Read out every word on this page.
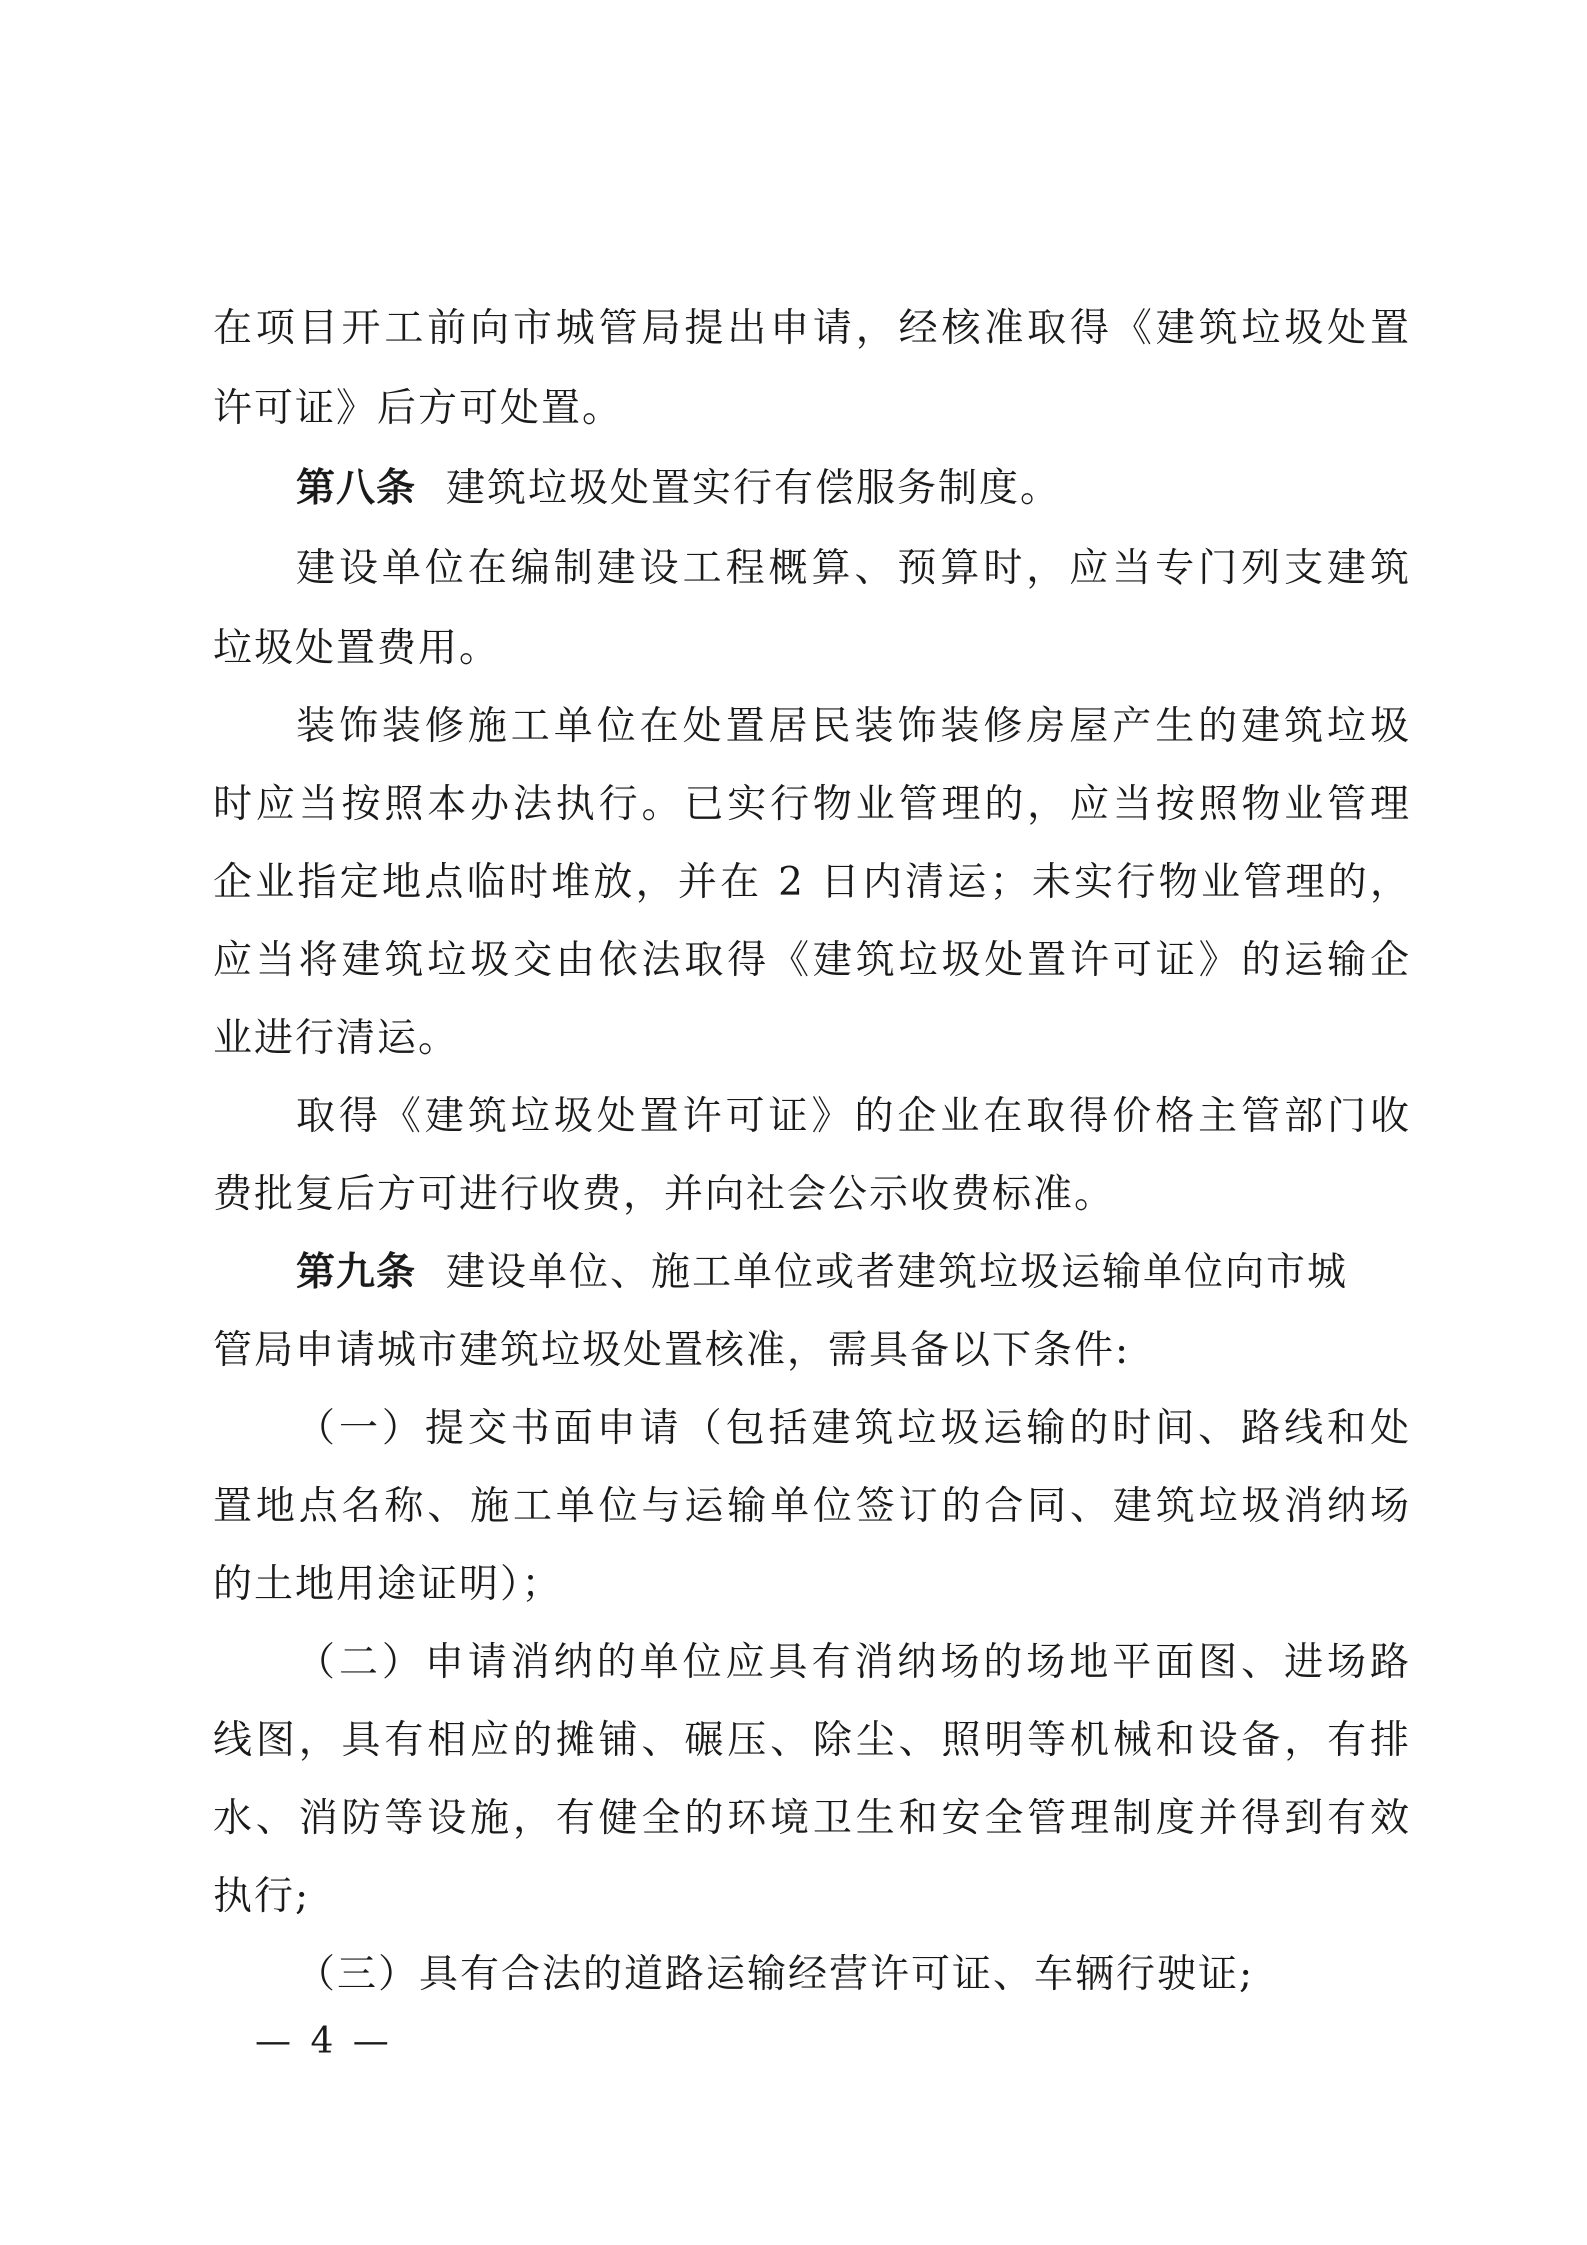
在项目开工前向市城管局提出申请，经核准取得《建筑垃圾处置
许可证》后方可处置。
第八条 建筑垃圾处置实行有偿服务制度。
建设单位在编制建设工程概算、预算时，应当专门列支建筑
垃圾处置费用。
装饰装修施工单位在处置居民装饰装修房屋产生的建筑垃圾
时应当按照本办法执行。已实行物业管理的，应当按照物业管理
企业指定地点临时堆放，并在 2 日内清运；未实行物业管理的，
应当将建筑垃圾交由依法取得《建筑垃圾处置许可证》的运输企
业进行清运。
取得《建筑垃圾处置许可证》的企业在取得价格主管部门收
费批复后方可进行收费，并向社会公示收费标准。
第九条 建设单位、施工单位或者建筑垃圾运输单位向市城
管局申请城市建筑垃圾处置核准，需具备以下条件:
（一）提交书面申请（包括建筑垃圾运输的时间、路线和处
置地点名称、施工单位与运输单位签订的合同、建筑垃圾消纳场
的土地用途证明）；
（二）申请消纳的单位应具有消纳场的场地平面图、进场路
线图，具有相应的摊铺、碾压、除尘、照明等机械和设备，有排
水、消防等设施，有健全的环境卫生和安全管理制度并得到有效
执行;
（三）具有合法的道路运输经营许可证、车辆行驶证;
— 4 —
